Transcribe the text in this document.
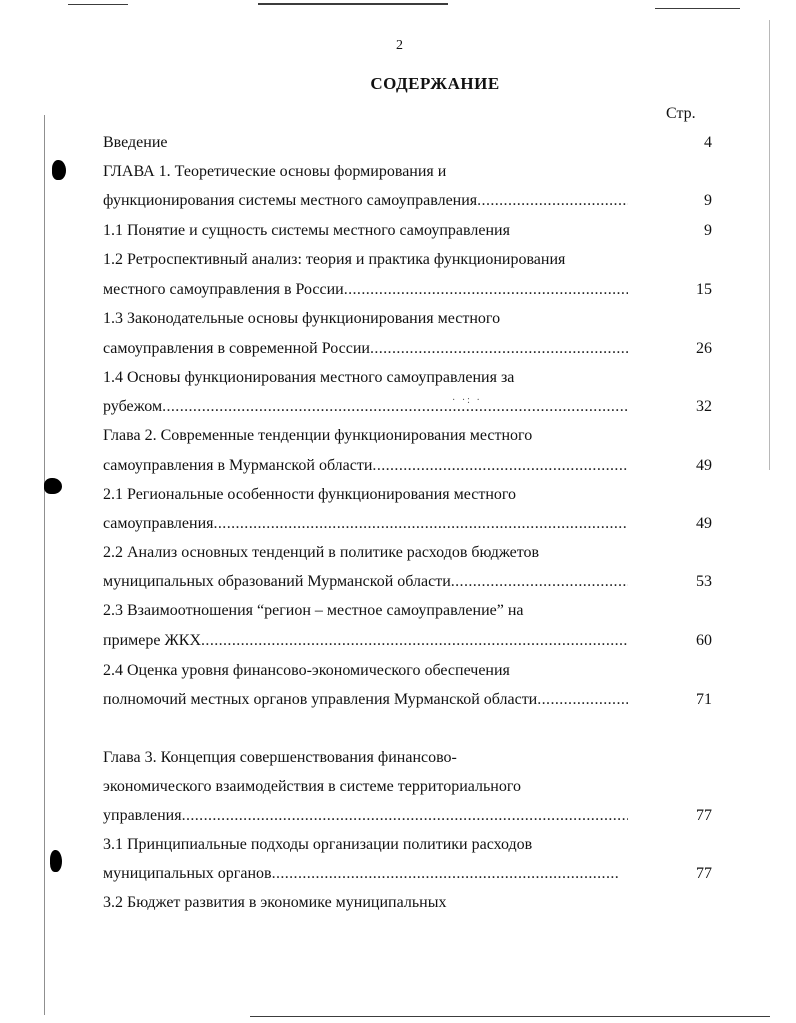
· ·: ·
2
СОДЕРЖАНИЕ
Стр.
Введение	4
ГЛАВА 1. Теоретические основы формирования и
функционирования системы местного самоуправления .....	9
1.1 Понятие и сущность системы местного самоуправления	9
1.2 Ретроспективный анализ: теория и практика функционирования
местного самоуправления в России .....	15
1.3 Законодательные основы функционирования местного
самоуправления в современной России .....	26
1.4 Основы функционирования местного самоуправления за
рубежом .....	32
Глава 2. Современные тенденции функционирования местного
самоуправления в Мурманской области .....	49
2.1 Региональные особенности функционирования местного
самоуправления .....	49
2.2 Анализ основных тенденций в политике расходов бюджетов
муниципальных образований Мурманской области .....	53
2.3 Взаимоотношения “регион – местное самоуправление” на
примере ЖКХ .....	60
2.4 Оценка уровня финансово-экономического обеспечения
полномочий местных органов управления Мурманской области .....	71
Глава 3. Концепция совершенствования финансово-
экономического взаимодействия в системе территориального
управления .....	77
3.1 Принципиальные подходы организации политики расходов
муниципальных органов .....	77
3.2 Бюджет развития в экономике муниципальных
